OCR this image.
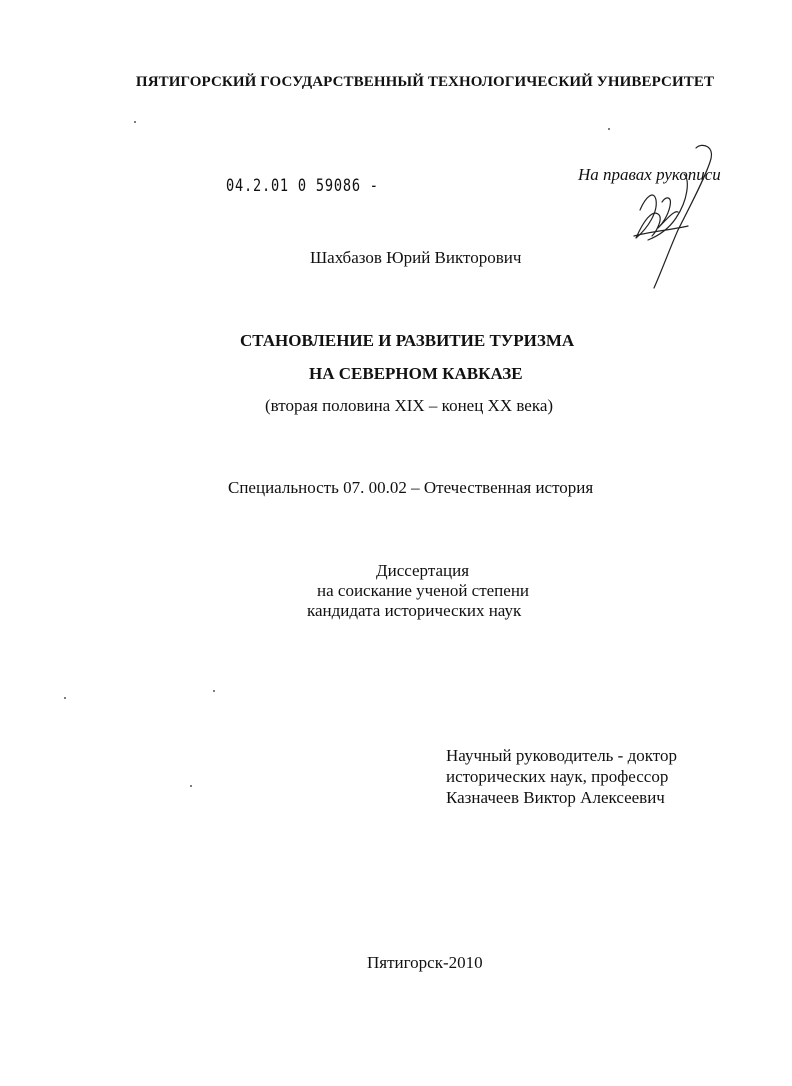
ПЯТИГОРСКИЙ ГОСУДАРСТВЕННЫЙ ТЕХНОЛОГИЧЕСКИЙ УНИВЕРСИТЕТ
04.2.01 0 59086 -
На правах рукописи
Шахбазов Юрий Викторович
СТАНОВЛЕНИЕ И РАЗВИТИЕ ТУРИЗМА
НА СЕВЕРНОМ КАВКАЗЕ
(вторая половина XIX – конец XX века)
Специальность 07. 00.02 – Отечественная история
Диссертация
на соискание ученой степени
кандидата исторических наук
Научный руководитель - доктор
исторических наук, профессор
Казначеев Виктор Алексеевич
Пятигорск-2010
